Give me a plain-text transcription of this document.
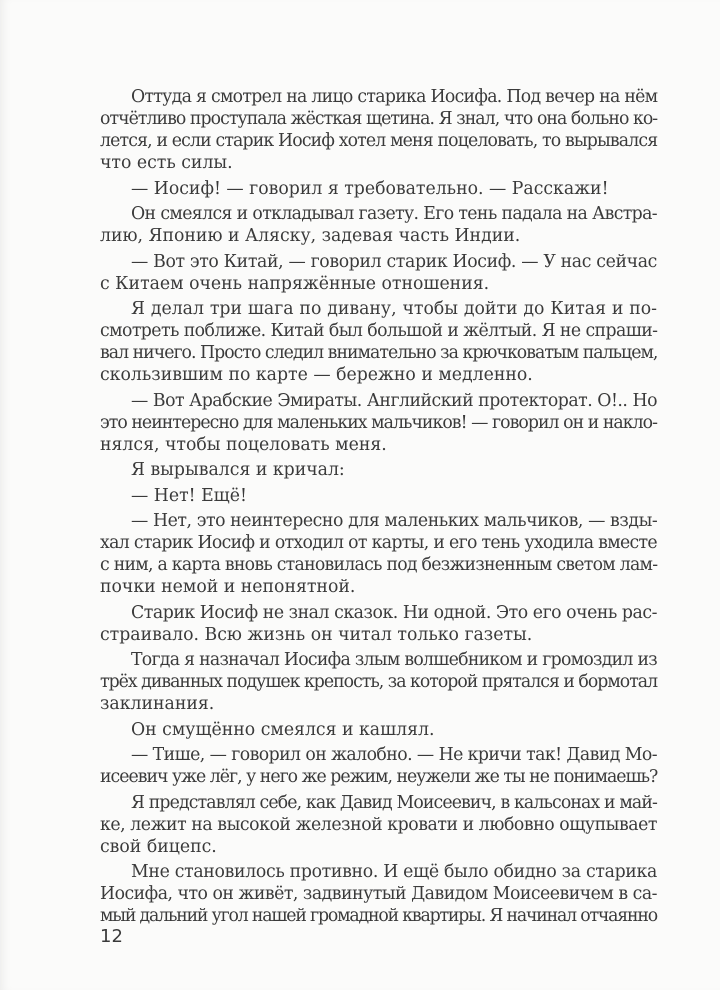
Оттуда я смотрел на лицо старика Иосифа. Под вечер на нём
отчётливо проступала жёсткая щетина. Я знал, что она больно ко-
лется, и если старик Иосиф хотел меня поцеловать, то вырывался
что есть силы.
— Иосиф! — говорил я требовательно. — Расскажи!
Он смеялся и откладывал газету. Его тень падала на Австра-
лию, Японию и Аляску, задевая часть Индии.
— Вот это Китай, — говорил старик Иосиф. — У нас сейчас
с Китаем очень напряжённые отношения.
Я делал три шага по дивану, чтобы дойти до Китая и по-
смотреть поближе. Китай был большой и жёлтый. Я не спраши-
вал ничего. Просто следил внимательно за крючковатым пальцем,
скользившим по карте — бережно и медленно.
— Вот Арабские Эмираты. Английский протекторат. О!.. Но
это неинтересно для маленьких мальчиков! — говорил он и накло-
нялся, чтобы поцеловать меня.
Я вырывался и кричал:
— Нет! Ещё!
— Нет, это неинтересно для маленьких мальчиков, — взды-
хал старик Иосиф и отходил от карты, и его тень уходила вместе
с ним, а карта вновь становилась под безжизненным светом лам-
почки немой и непонятной.
Старик Иосиф не знал сказок. Ни одной. Это его очень рас-
страивало. Всю жизнь он читал только газеты.
Тогда я назначал Иосифа злым волшебником и громоздил из
трёх диванных подушек крепость, за которой прятался и бормотал
заклинания.
Он смущённо смеялся и кашлял.
— Тише, — говорил он жалобно. — Не кричи так! Давид Мо-
исеевич уже лёг, у него же режим, неужели же ты не понимаешь?
Я представлял себе, как Давид Моисеевич, в кальсонах и май-
ке, лежит на высокой железной кровати и любовно ощупывает
свой бицепс.
Мне становилось противно. И ещё было обидно за старика
Иосифа, что он живёт, задвинутый Давидом Моисеевичем в са-
мый дальний угол нашей громадной квартиры. Я начинал отчаянно
12
